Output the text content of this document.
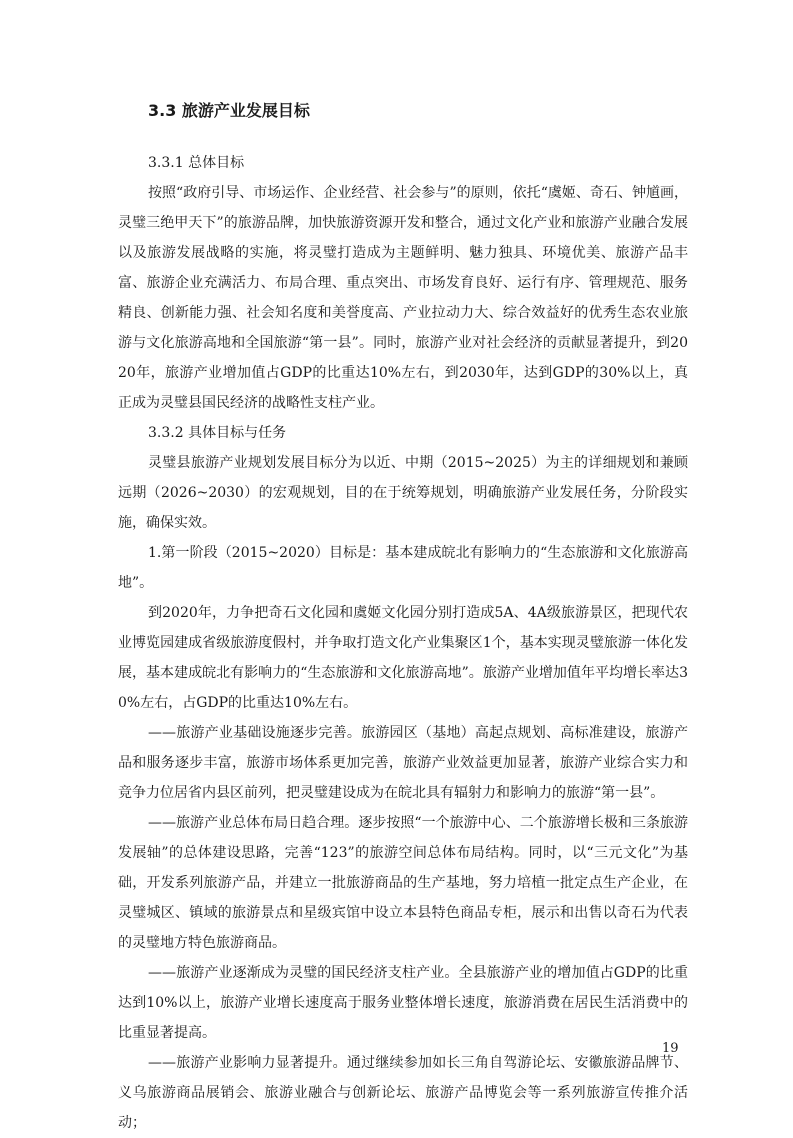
3.3 旅游产业发展目标

3.3.1 总体目标

按照“政府引导、市场运作、企业经营、社会参与”的原则，依托“虞姬、奇石、钟馗画，灵璧三绝甲天下”的旅游品牌，加快旅游资源开发和整合，通过文化产业和旅游产业融合发展以及旅游发展战略的实施，将灵璧打造成为主题鲜明、魅力独具、环境优美、旅游产品丰富、旅游企业充满活力、布局合理、重点突出、市场发育良好、运行有序、管理规范、服务精良、创新能力强、社会知名度和美誉度高、产业拉动力大、综合效益好的优秀生态农业旅游与文化旅游高地和全国旅游“第一县”。同时，旅游产业对社会经济的贡献显著提升，到2020年，旅游产业增加值占GDP的比重达10%左右，到2030年，达到GDP的30%以上，真正成为灵璧县国民经济的战略性支柱产业。

3.3.2 具体目标与任务

灵璧县旅游产业规划发展目标分为以近、中期（2015~2025）为主的详细规划和兼顾远期（2026~2030）的宏观规划，目的在于统筹规划，明确旅游产业发展任务，分阶段实施，确保实效。

1.第一阶段（2015~2020）目标是：基本建成皖北有影响力的“生态旅游和文化旅游高地”。

到2020年，力争把奇石文化园和虞姬文化园分别打造成5A、4A级旅游景区，把现代农业博览园建成省级旅游度假村，并争取打造文化产业集聚区1个，基本实现灵璧旅游一体化发展，基本建成皖北有影响力的“生态旅游和文化旅游高地”。旅游产业增加值年平均增长率达30%左右，占GDP的比重达10%左右。

——旅游产业基础设施逐步完善。旅游园区（基地）高起点规划、高标准建设，旅游产品和服务逐步丰富，旅游市场体系更加完善，旅游产业效益更加显著，旅游产业综合实力和竞争力位居省内县区前列，把灵璧建设成为在皖北具有辐射力和影响力的旅游“第一县”。

——旅游产业总体布局日趋合理。逐步按照“一个旅游中心、二个旅游增长极和三条旅游发展轴”的总体建设思路，完善“123”的旅游空间总体布局结构。同时，以“三元文化”为基础，开发系列旅游产品，并建立一批旅游商品的生产基地，努力培植一批定点生产企业，在灵璧城区、镇域的旅游景点和星级宾馆中设立本县特色商品专柜，展示和出售以奇石为代表的灵璧地方特色旅游商品。

——旅游产业逐渐成为灵璧的国民经济支柱产业。全县旅游产业的增加值占GDP的比重达到10%以上，旅游产业增长速度高于服务业整体增长速度，旅游消费在居民生活消费中的比重显著提高。

——旅游产业影响力显著提升。通过继续参加如长三角自驾游论坛、安徽旅游品牌节、义乌旅游商品展销会、旅游业融合与创新论坛、旅游产品博览会等一系列旅游宣传推介活动；

19
